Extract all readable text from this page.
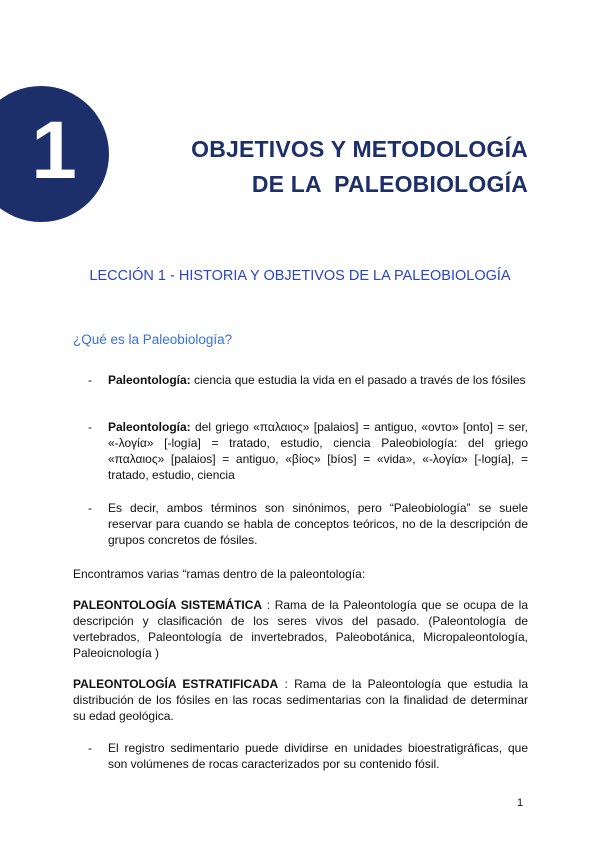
1	OBJETIVOS Y METODOLOGÍA
DE LA  PALEOBIOLOGÍA
LECCIÓN 1 - HISTORIA Y OBJETIVOS DE LA PALEOBIOLOGÍA
¿Qué es la Paleobiología?
-	Paleontología: ciencia que estudia la vida en el pasado a través de los fósiles
-	Paleontología: del griego «παλαιος» [palaios] = antiguo, «οντο» [onto] = ser, «-λογία» [-logía] = tratado, estudio, ciencia Paleobiología: del griego «παλαιος» [palaios] = antiguo, «βίος» [bíos] = «vida», «-λογία» [-logía], = tratado, estudio, ciencia
-	Es decir, ambos términos son sinónimos, pero “Paleobiología” se suele reservar para cuando se habla de conceptos teóricos, no de la descripción de grupos concretos de fósiles.
Encontramos varias “ramas dentro de la paleontología:
PALEONTOLOGÍA SISTEMÁTICA : Rama de la Paleontología que se ocupa de la descripción y clasificación de los seres vivos del pasado. (Paleontología de vertebrados, Paleontología de invertebrados, Paleobotánica, Micropaleontología, Paleoicnología )
PALEONTOLOGÍA ESTRATIFICADA : Rama de la Paleontología que estudia la distribución de los fósiles en las rocas sedimentarias con la finalidad de determinar su edad geológica.
-	El registro sedimentario puede dividirse en unidades bioestratigráficas, que son volúmenes de rocas caracterizados por su contenido fósil.
1
